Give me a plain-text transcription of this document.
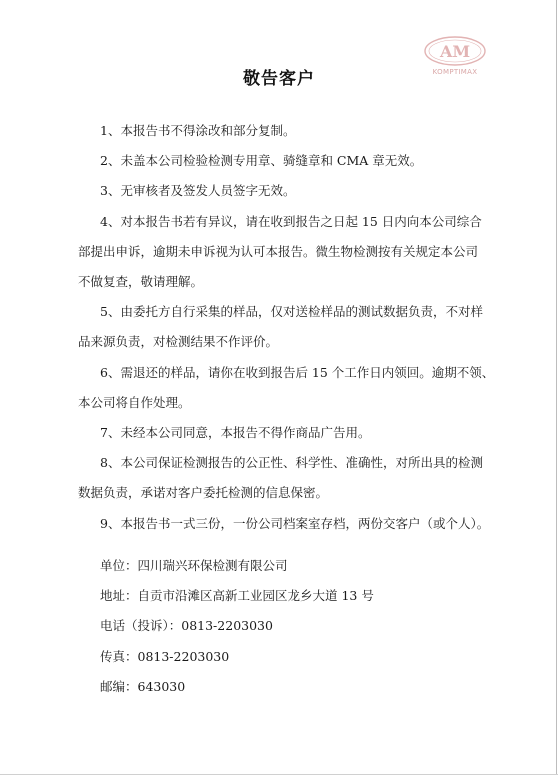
AM
KOMPTIMAX
敬告客户
1、本报告书不得涂改和部分复制。
2、未盖本公司检验检测专用章、骑缝章和 CMA 章无效。
3、无审核者及签发人员签字无效。
4、对本报告书若有异议，请在收到报告之日起 15 日内向本公司综合
部提出申诉，逾期未申诉视为认可本报告。微生物检测按有关规定本公司
不做复查，敬请理解。
5、由委托方自行采集的样品，仅对送检样品的测试数据负责，不对样
品来源负责，对检测结果不作评价。
6、需退还的样品，请你在收到报告后 15 个工作日内领回。逾期不领、
本公司将自作处理。
7、未经本公司同意，本报告不得作商品广告用。
8、本公司保证检测报告的公正性、科学性、准确性，对所出具的检测
数据负责，承诺对客户委托检测的信息保密。
9、本报告书一式三份，一份公司档案室存档，两份交客户（或个人）。
单位：四川瑞兴环保检测有限公司
地址：自贡市沿滩区高新工业园区龙乡大道 13 号
电话（投诉）：0813-2203030
传真：0813-2203030
邮编：643030
